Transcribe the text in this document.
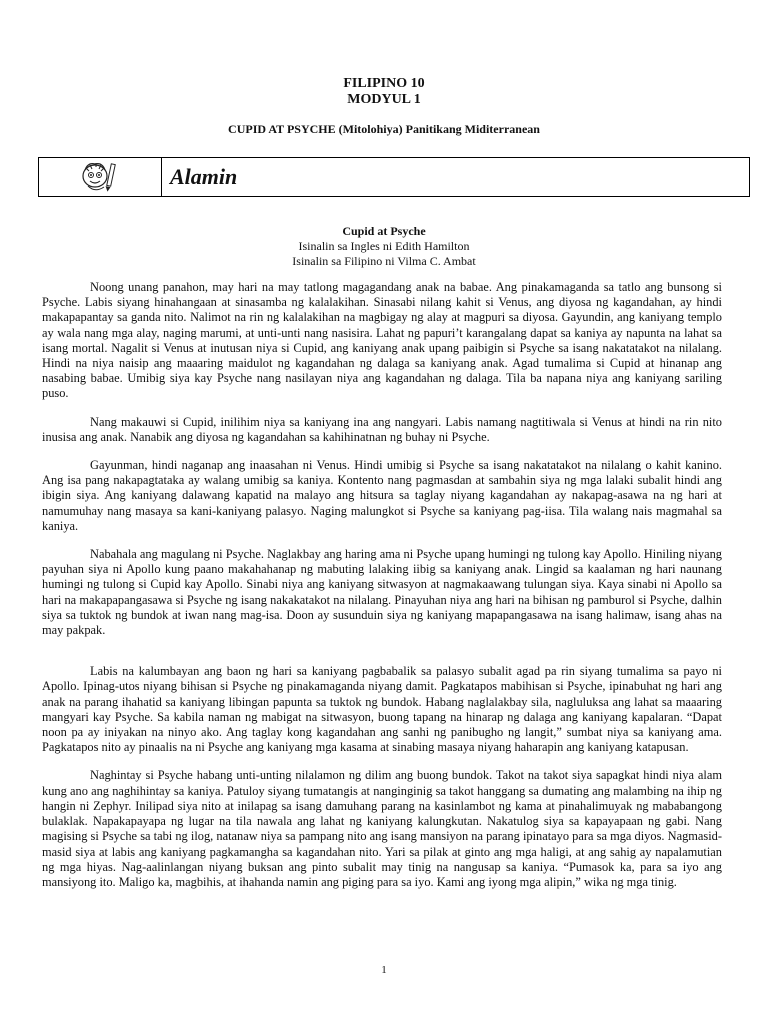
FILIPINO 10
MODYUL 1
CUPID AT PSYCHE (Mitolohiya) Panitikang Miditerranean
Alamin
Cupid at Psyche
Isinalin sa Ingles ni Edith Hamilton
Isinalin sa Filipino ni Vilma C. Ambat

Noong unang panahon, may hari na may tatlong magagandang anak na babae. Ang pinakamaganda sa tatlo ang bunsong si Psyche. Labis siyang hinahangaan at sinasamba ng kalalakihan. Sinasabi nilang kahit si Venus, ang diyosa ng kagandahan, ay hindi makapapantay sa ganda nito. Nalimot na rin ng kalalakihan na magbigay ng alay at magpuri sa diyosa. Gayundin, ang kaniyang templo ay wala nang mga alay, naging marumi, at unti-unti nang nasisira. Lahat ng papuri’t karangalang dapat sa kaniya ay napunta na lahat sa isang mortal. Nagalit si Venus at inutusan niya si Cupid, ang kaniyang anak upang paibigin si Psyche sa isang nakatatakot na nilalang. Hindi na niya naisip ang maaaring maidulot ng kagandahan ng dalaga sa kaniyang anak. Agad tumalima si Cupid at hinanap ang nasabing babae. Umibig siya kay Psyche nang nasilayan niya ang kagandahan ng dalaga. Tila ba napana niya ang kaniyang sariling puso.

Nang makauwi si Cupid, inilihim niya sa kaniyang ina ang nangyari. Labis namang nagtitiwala si Venus at hindi na rin nito inusisa ang anak. Nanabik ang diyosa ng kagandahan sa kahihinatnan ng buhay ni Psyche.

Gayunman, hindi naganap ang inaasahan ni Venus. Hindi umibig si Psyche sa isang nakatatakot na nilalang o kahit kanino. Ang isa pang nakapagtataka ay walang umibig sa kaniya. Kontento nang pagmasdan at sambahin siya ng mga lalaki subalit hindi ang ibigin siya. Ang kaniyang dalawang kapatid na malayo ang hitsura sa taglay niyang kagandahan ay nakapag-asawa na ng hari at namumuhay nang masaya sa kani-kaniyang palasyo. Naging malungkot si Psyche sa kaniyang pag-iisa. Tila walang nais magmahal sa kaniya.

Nabahala ang magulang ni Psyche. Naglakbay ang haring ama ni Psyche upang humingi ng tulong kay Apollo. Hiniling niyang payuhan siya ni Apollo kung paano makahahanap ng mabuting lalaking iibig sa kaniyang anak. Lingid sa kaalaman ng hari naunang humingi ng tulong si Cupid kay Apollo. Sinabi niya ang kaniyang sitwasyon at nagmakaawang tulungan siya. Kaya sinabi ni Apollo sa hari na makapapangasawa si Psyche ng isang nakakatakot na nilalang. Pinayuhan niya ang hari na bihisan ng pamburol si Psyche, dalhin siya sa tuktok ng bundok at iwan nang mag-isa. Doon ay susunduin siya ng kaniyang mapapangasawa na isang halimaw, isang ahas na may pakpak.

Labis na kalumbayan ang baon ng hari sa kaniyang pagbabalik sa palasyo subalit agad pa rin siyang tumalima sa payo ni Apollo. Ipinag-utos niyang bihisan si Psyche ng pinakamaganda niyang damit. Pagkatapos mabihisan si Psyche, ipinabuhat ng hari ang anak na parang ihahatid sa kaniyang libingan papunta sa tuktok ng bundok. Habang naglalakbay sila, nagluluksa ang lahat sa maaaring mangyari kay Psyche. Sa kabila naman ng mabigat na sitwasyon, buong tapang na hinarap ng dalaga ang kaniyang kapalaran. “Dapat noon pa ay iniyakan na ninyo ako. Ang taglay kong kagandahan ang sanhi ng panibugho ng langit,” sumbat niya sa kaniyang ama. Pagkatapos nito ay pinaalis na ni Psyche ang kaniyang mga kasama at sinabing masaya niyang haharapin ang kaniyang katapusan.

Naghintay si Psyche habang unti-unting nilalamon ng dilim ang buong bundok. Takot na takot siya sapagkat hindi niya alam kung ano ang naghihintay sa kaniya. Patuloy siyang tumatangis at nanginginig sa takot hanggang sa dumating ang malambing na ihip ng hangin ni Zephyr. Inilipad siya nito at inilapag sa isang damuhang parang na kasinlambot ng kama at pinahalimuyak ng mababangong bulaklak. Napakapayapa ng lugar na tila nawala ang lahat ng kaniyang kalungkutan. Nakatulog siya sa kapayapaan ng gabi. Nang magising si Psyche sa tabi ng ilog, natanaw niya sa pampang nito ang isang mansiyon na parang ipinatayo para sa mga diyos. Nagmasid-masid siya at labis ang kaniyang pagkamangha sa kagandahan nito. Yari sa pilak at ginto ang mga haligi, at ang sahig ay napalamutian ng mga hiyas. Nag-aalinlangan niyang buksan ang pinto subalit may tinig na nangusap sa kaniya. “Pumasok ka, para sa iyo ang mansiyong ito. Maligo ka, magbihis, at ihahanda namin ang piging para sa iyo. Kami ang iyong mga alipin,” wika ng mga tinig.

1
